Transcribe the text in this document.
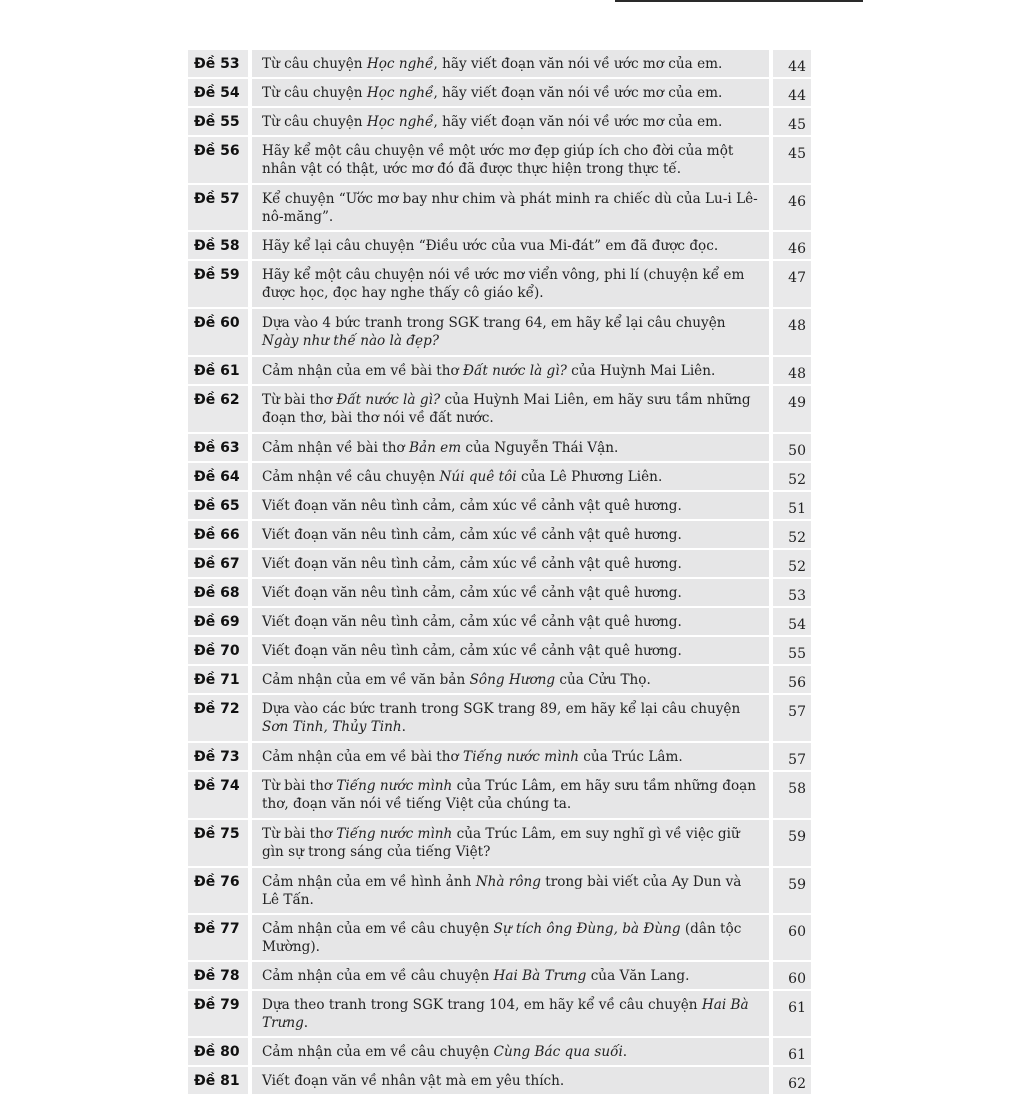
Đề 53	Từ câu chuyện Học nghề, hãy viết đoạn văn nói về ước mơ của em.	44

Đề 54	Từ câu chuyện Học nghề, hãy viết đoạn văn nói về ước mơ của em.	44

Đề 55	Từ câu chuyện Học nghề, hãy viết đoạn văn nói về ước mơ của em.	45

Đề 56	Hãy kể một câu chuyện về một ước mơ đẹp giúp ích cho đời của một nhân vật có thật, ước mơ đó đã được thực hiện trong thực tế.	45

Đề 57	Kể chuyện “Ước mơ bay như chim và phát minh ra chiếc dù của Lu-i Lê-nô-măng”.	46

Đề 58	Hãy kể lại câu chuyện “Điều ước của vua Mi-đát” em đã được đọc.	46

Đề 59	Hãy kể một câu chuyện nói về ước mơ viển vông, phi lí (chuyện kể em được học, đọc hay nghe thấy cô giáo kể).	47

Đề 60	Dựa vào 4 bức tranh trong SGK trang 64, em hãy kể lại câu chuyện Ngày như thế nào là đẹp?	48

Đề 61	Cảm nhận của em về bài thơ Đất nước là gì? của Huỳnh Mai Liên.	48

Đề 62	Từ bài thơ Đất nước là gì? của Huỳnh Mai Liên, em hãy sưu tầm những đoạn thơ, bài thơ nói về đất nước.	49

Đề 63	Cảm nhận về bài thơ Bản em của Nguyễn Thái Vận.	50

Đề 64	Cảm nhận về câu chuyện Núi quê tôi của Lê Phương Liên.	52

Đề 65	Viết đoạn văn nêu tình cảm, cảm xúc về cảnh vật quê hương.	51

Đề 66	Viết đoạn văn nêu tình cảm, cảm xúc về cảnh vật quê hương.	52

Đề 67	Viết đoạn văn nêu tình cảm, cảm xúc về cảnh vật quê hương.	52

Đề 68	Viết đoạn văn nêu tình cảm, cảm xúc về cảnh vật quê hương.	53

Đề 69	Viết đoạn văn nêu tình cảm, cảm xúc về cảnh vật quê hương.	54

Đề 70	Viết đoạn văn nêu tình cảm, cảm xúc về cảnh vật quê hương.	55

Đề 71	Cảm nhận của em về văn bản Sông Hương của Cửu Thọ.	56

Đề 72	Dựa vào các bức tranh trong SGK trang 89, em hãy kể lại câu chuyện Sơn Tinh, Thủy Tinh.	57

Đề 73	Cảm nhận của em về bài thơ Tiếng nước mình của Trúc Lâm.	57

Đề 74	Từ bài thơ Tiếng nước mình của Trúc Lâm, em hãy sưu tầm những đoạn thơ, đoạn văn nói về tiếng Việt của chúng ta.	58

Đề 75	Từ bài thơ Tiếng nước mình của Trúc Lâm, em suy nghĩ gì về việc giữ gìn sự trong sáng của tiếng Việt?	59

Đề 76	Cảm nhận của em về hình ảnh Nhà rông trong bài viết của Ay Dun và Lê Tấn.	59

Đề 77	Cảm nhận của em về câu chuyện Sự tích ông Đùng, bà Đùng (dân tộc Mường).	60

Đề 78	Cảm nhận của em về câu chuyện Hai Bà Trưng của Văn Lang.	60

Đề 79	Dựa theo tranh trong SGK trang 104, em hãy kể về câu chuyện Hai Bà Trưng.	61

Đề 80	Cảm nhận của em về câu chuyện Cùng Bác qua suối.	61

Đề 81	Viết đoạn văn về nhân vật mà em yêu thích.	62
